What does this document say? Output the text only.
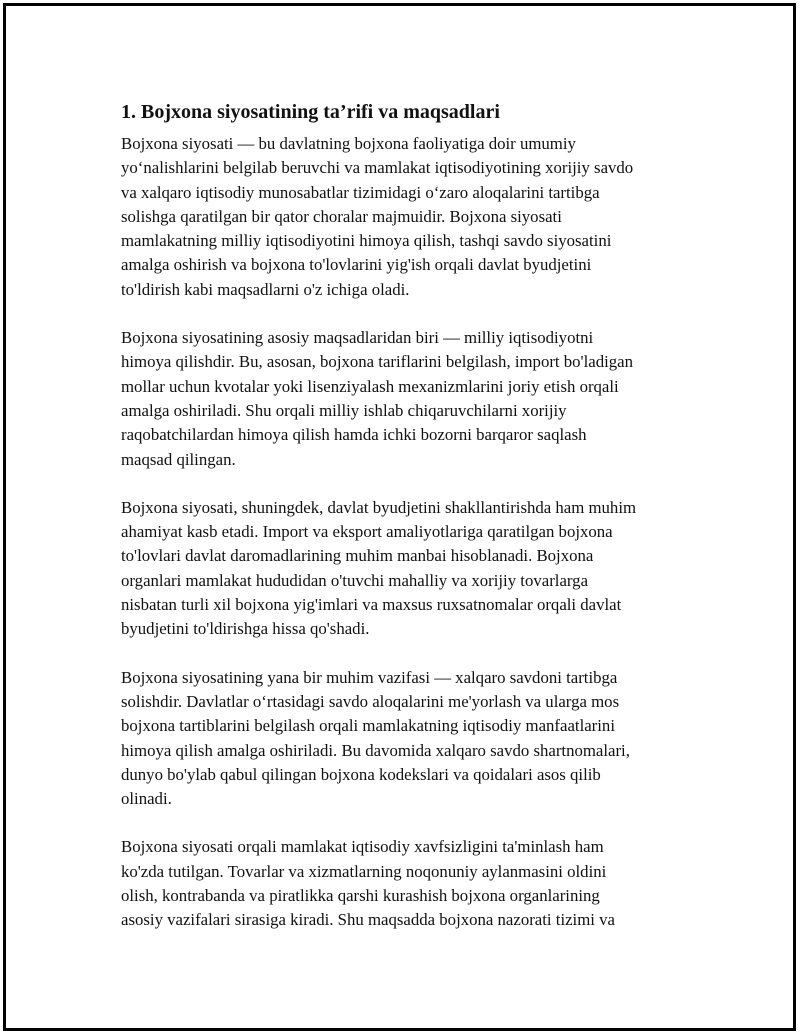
1. Bojxona siyosatining ta’rifi va maqsadlari

Bojxona siyosati — bu davlatning bojxona faoliyatiga doir umumiy
yo‘nalishlarini belgilab beruvchi va mamlakat iqtisodiyotining xorijiy savdo
va xalqaro iqtisodiy munosabatlar tizimidagi o‘zaro aloqalarini tartibga
solishga qaratilgan bir qator choralar majmuidir. Bojxona siyosati
mamlakatning milliy iqtisodiyotini himoya qilish, tashqi savdo siyosatini
amalga oshirish va bojxona to'lovlarini yig'ish orqali davlat byudjetini
to'ldirish kabi maqsadlarni o'z ichiga oladi.

Bojxona siyosatining asosiy maqsadlaridan biri — milliy iqtisodiyotni
himoya qilishdir. Bu, asosan, bojxona tariflarini belgilash, import bo'ladigan
mollar uchun kvotalar yoki lisenziyalash mexanizmlarini joriy etish orqali
amalga oshiriladi. Shu orqali milliy ishlab chiqaruvchilarni xorijiy
raqobatchilardan himoya qilish hamda ichki bozorni barqaror saqlash
maqsad qilingan.

Bojxona siyosati, shuningdek, davlat byudjetini shakllantirishda ham muhim
ahamiyat kasb etadi. Import va eksport amaliyotlariga qaratilgan bojxona
to'lovlari davlat daromadlarining muhim manbai hisoblanadi. Bojxona
organlari mamlakat hududidan o'tuvchi mahalliy va xorijiy tovarlarga
nisbatan turli xil bojxona yig'imlari va maxsus ruxsatnomalar orqali davlat
byudjetini to'ldirishga hissa qo'shadi.

Bojxona siyosatining yana bir muhim vazifasi — xalqaro savdoni tartibga
solishdir. Davlatlar o‘rtasidagi savdo aloqalarini me'yorlash va ularga mos
bojxona tartiblarini belgilash orqali mamlakatning iqtisodiy manfaatlarini
himoya qilish amalga oshiriladi. Bu davomida xalqaro savdo shartnomalari,
dunyo bo'ylab qabul qilingan bojxona kodekslari va qoidalari asos qilib
olinadi.

Bojxona siyosati orqali mamlakat iqtisodiy xavfsizligini ta'minlash ham
ko'zda tutilgan. Tovarlar va xizmatlarning noqonuniy aylanmasini oldini
olish, kontrabanda va piratlikka qarshi kurashish bojxona organlarining
asosiy vazifalari sirasiga kiradi. Shu maqsadda bojxona nazorati tizimi va
